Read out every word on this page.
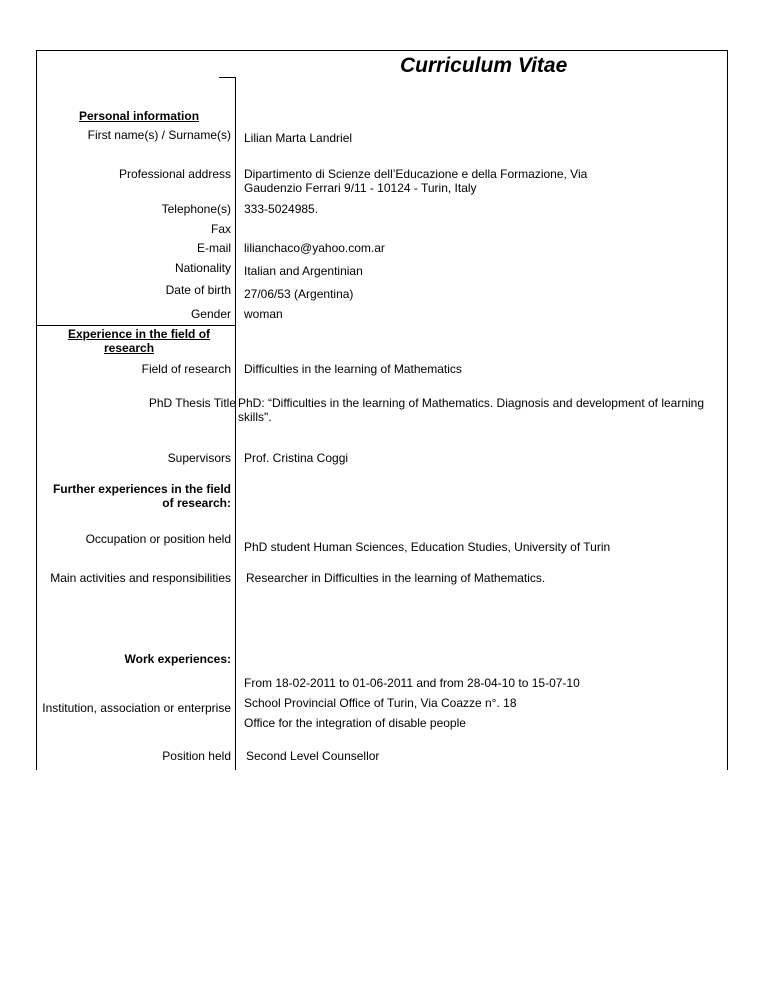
Curriculum Vitae
Personal information
First name(s) / Surname(s) Lilian Marta Landriel
Professional address Dipartimento di Scienze dell’Educazione e della Formazione, Via
Gaudenzio Ferrari 9/11 - 10124 - Turin, Italy
Telephone(s) 333-5024985.
Fax
E-mail lilianchaco@yahoo.com.ar
Nationality Italian and Argentinian
Date of birth 27/06/53 (Argentina)
Gender woman
Experience in the field of
research
Field of research Difficulties in the learning of Mathematics
PhD Thesis Title PhD: “Difficulties in the learning of Mathematics. Diagnosis and development of learning
skills".
Supervisors Prof. Cristina Coggi
Further experiences in the field
of research:
Occupation or position held
PhD student Human Sciences, Education Studies, University of Turin
Main activities and responsibilities Researcher in Difficulties in the learning of Mathematics.
Work experiences:
From 18-02-2011 to 01-06-2011 and from 28-04-10 to 15-07-10
Institution, association or enterprise School Provincial Office of Turin, Via Coazze n°. 18
Office for the integration of disable people
Position held Second Level Counsellor
